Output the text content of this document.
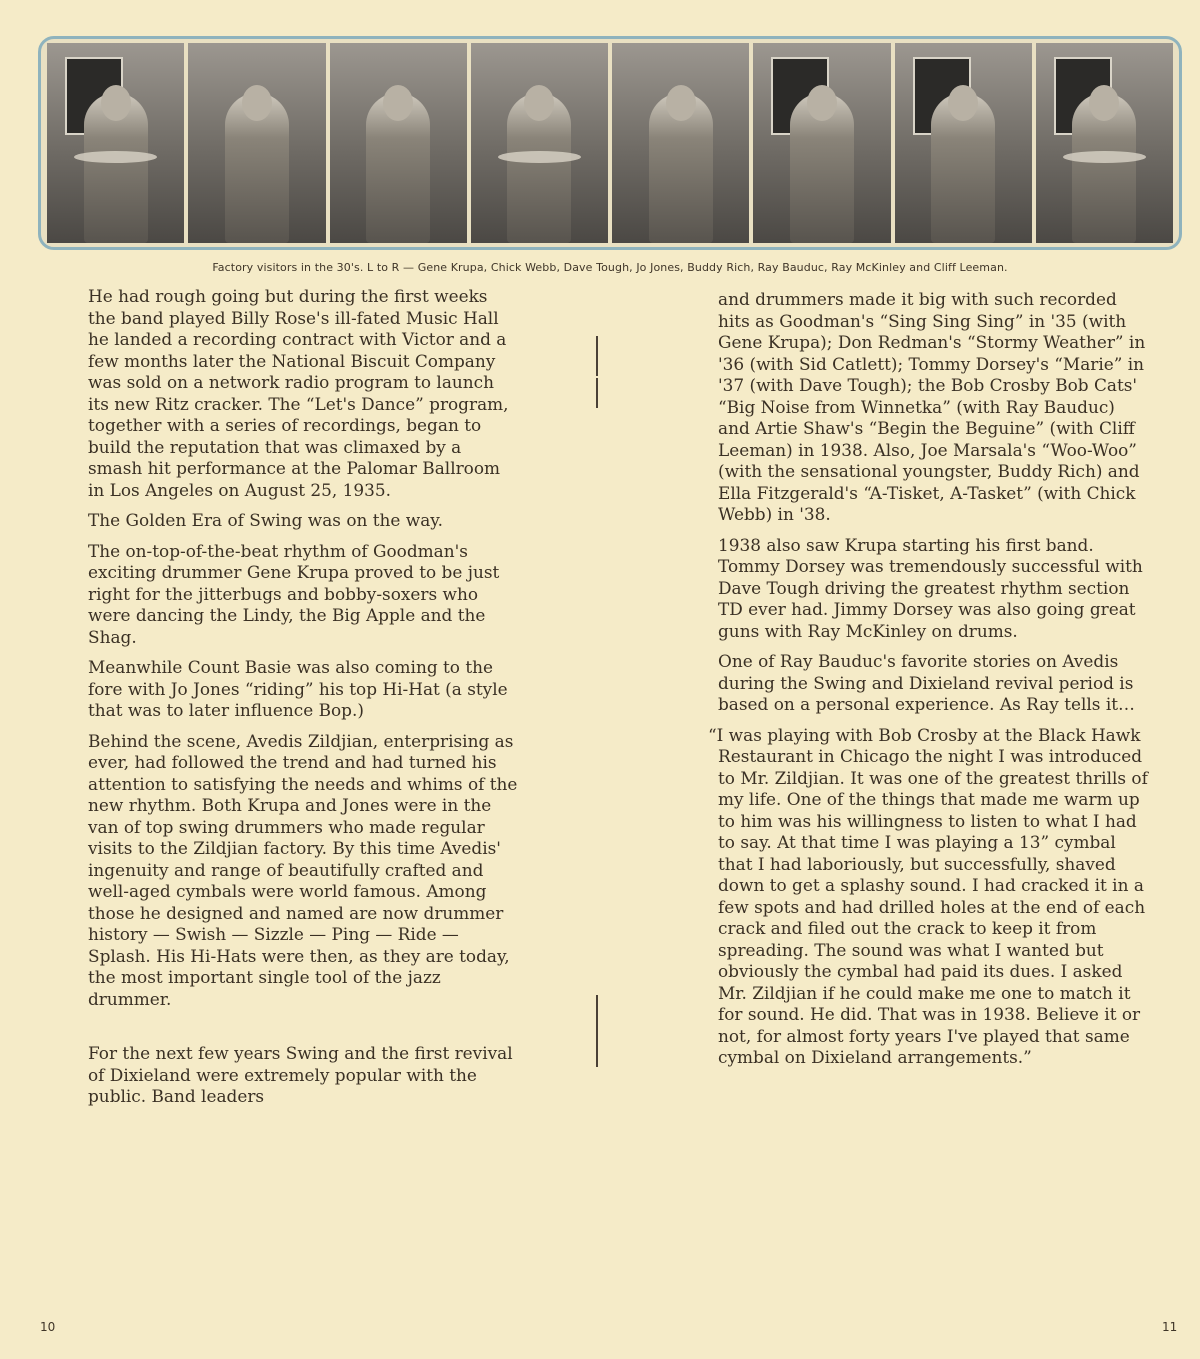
Factory visitors in the 30's. L to R — Gene Krupa, Chick Webb, Dave Tough, Jo Jones, Buddy Rich, Ray Bauduc, Ray McKinley and Cliff Leeman.

He had rough going but during the first weeks the band played Billy Rose's ill-fated Music Hall he landed a recording contract with Victor and a few months later the National Biscuit Company was sold on a network radio program to launch its new Ritz cracker. The “Let's Dance” program, together with a series of recordings, began to build the reputation that was climaxed by a smash hit performance at the Palomar Ballroom in Los Angeles on August 25, 1935.

The Golden Era of Swing was on the way.

The on-top-of-the-beat rhythm of Goodman's exciting drummer Gene Krupa proved to be just right for the jitterbugs and bobby-soxers who were dancing the Lindy, the Big Apple and the Shag.

Meanwhile Count Basie was also coming to the fore with Jo Jones “riding” his top Hi-Hat (a style that was to later influence Bop.)

Behind the scene, Avedis Zildjian, enterprising as ever, had followed the trend and had turned his attention to satisfying the needs and whims of the new rhythm. Both Krupa and Jones were in the van of top swing drummers who made regular visits to the Zildjian factory. By this time Avedis' ingenuity and range of beautifully crafted and well-aged cymbals were world famous. Among those he designed and named are now drummer history — Swish — Sizzle — Ping — Ride — Splash. His Hi-Hats were then, as they are today, the most important single tool of the jazz drummer.

For the next few years Swing and the first revival of Dixieland were extremely popular with the public. Band leaders

and drummers made it big with such recorded hits as Goodman's “Sing Sing Sing” in '35 (with Gene Krupa); Don Redman's “Stormy Weather” in '36 (with Sid Catlett); Tommy Dorsey's “Marie” in '37 (with Dave Tough); the Bob Crosby Bob Cats' “Big Noise from Winnetka” (with Ray Bauduc) and Artie Shaw's “Begin the Beguine” (with Cliff Leeman) in 1938. Also, Joe Marsala's “Woo-Woo” (with the sensational youngster, Buddy Rich) and Ella Fitzgerald's “A-Tisket, A-Tasket” (with Chick Webb) in '38.

1938 also saw Krupa starting his first band. Tommy Dorsey was tremendously successful with Dave Tough driving the greatest rhythm section TD ever had. Jimmy Dorsey was also going great guns with Ray McKinley on drums.

One of Ray Bauduc's favorite stories on Avedis during the Swing and Dixieland revival period is based on a personal experience. As Ray tells it…

“I was playing with Bob Crosby at the Black Hawk Restaurant in Chicago the night I was introduced to Mr. Zildjian. It was one of the greatest thrills of my life. One of the things that made me warm up to him was his willingness to listen to what I had to say. At that time I was playing a 13” cymbal that I had laboriously, but successfully, shaved down to get a splashy sound. I had cracked it in a few spots and had drilled holes at the end of each crack and filed out the crack to keep it from spreading. The sound was what I wanted but obviously the cymbal had paid its dues. I asked Mr. Zildjian if he could make me one to match it for sound. He did. That was in 1938. Believe it or not, for almost forty years I've played that same cymbal on Dixieland arrangements.”

10	11
